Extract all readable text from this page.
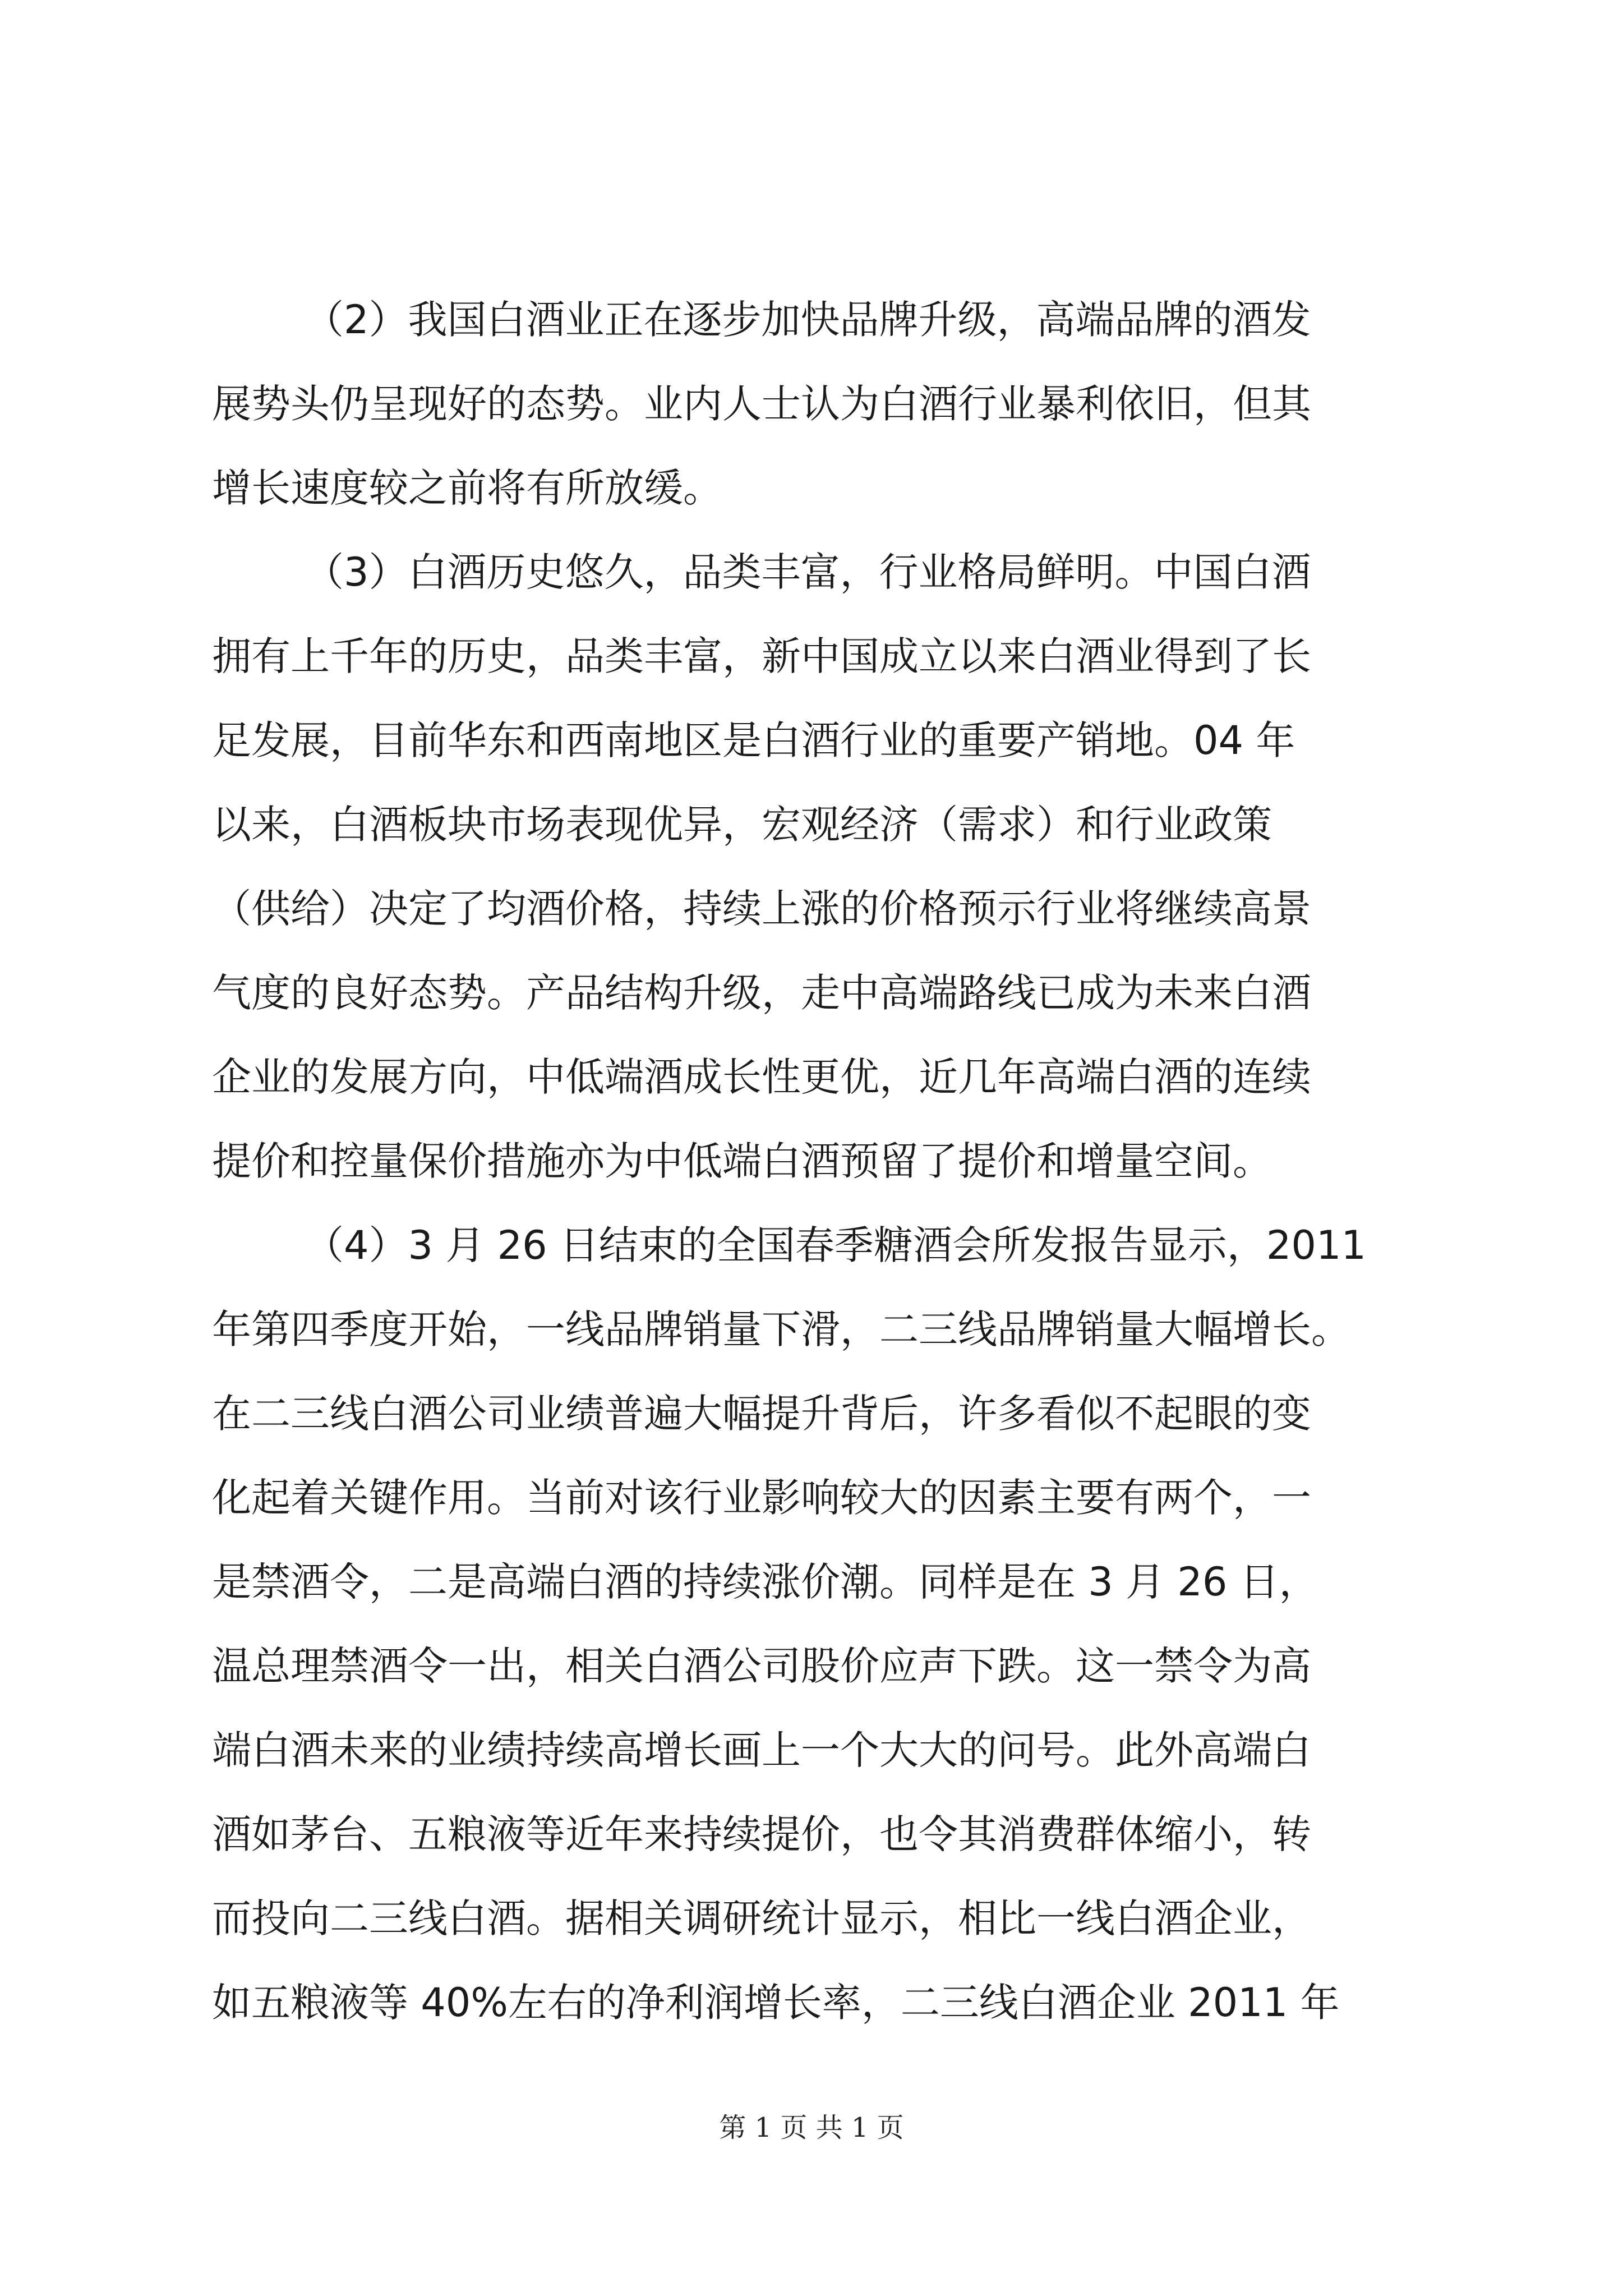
（2）我国白酒业正在逐步加快品牌升级，高端品牌的酒发
展势头仍呈现好的态势。业内人士认为白酒行业暴利依旧，但其
增长速度较之前将有所放缓。
（3）白酒历史悠久，品类丰富，行业格局鲜明。中国白酒
拥有上千年的历史，品类丰富，新中国成立以来白酒业得到了长
足发展，目前华东和西南地区是白酒行业的重要产销地。04 年
以来，白酒板块市场表现优异，宏观经济（需求）和行业政策
（供给）决定了均酒价格，持续上涨的价格预示行业将继续高景
气度的良好态势。产品结构升级，走中高端路线已成为未来白酒
企业的发展方向，中低端酒成长性更优，近几年高端白酒的连续
提价和控量保价措施亦为中低端白酒预留了提价和增量空间。
（4）3 月 26 日结束的全国春季糖酒会所发报告显示，2011
年第四季度开始，一线品牌销量下滑，二三线品牌销量大幅增长。
在二三线白酒公司业绩普遍大幅提升背后，许多看似不起眼的变
化起着关键作用。当前对该行业影响较大的因素主要有两个，一
是禁酒令，二是高端白酒的持续涨价潮。同样是在 3 月 26 日，
温总理禁酒令一出，相关白酒公司股价应声下跌。这一禁令为高
端白酒未来的业绩持续高增长画上一个大大的问号。此外高端白
酒如茅台、五粮液等近年来持续提价，也令其消费群体缩小，转
而投向二三线白酒。据相关调研统计显示，相比一线白酒企业，
如五粮液等 40%左右的净利润增长率，二三线白酒企业 2011 年
第 1 页 共 1 页
